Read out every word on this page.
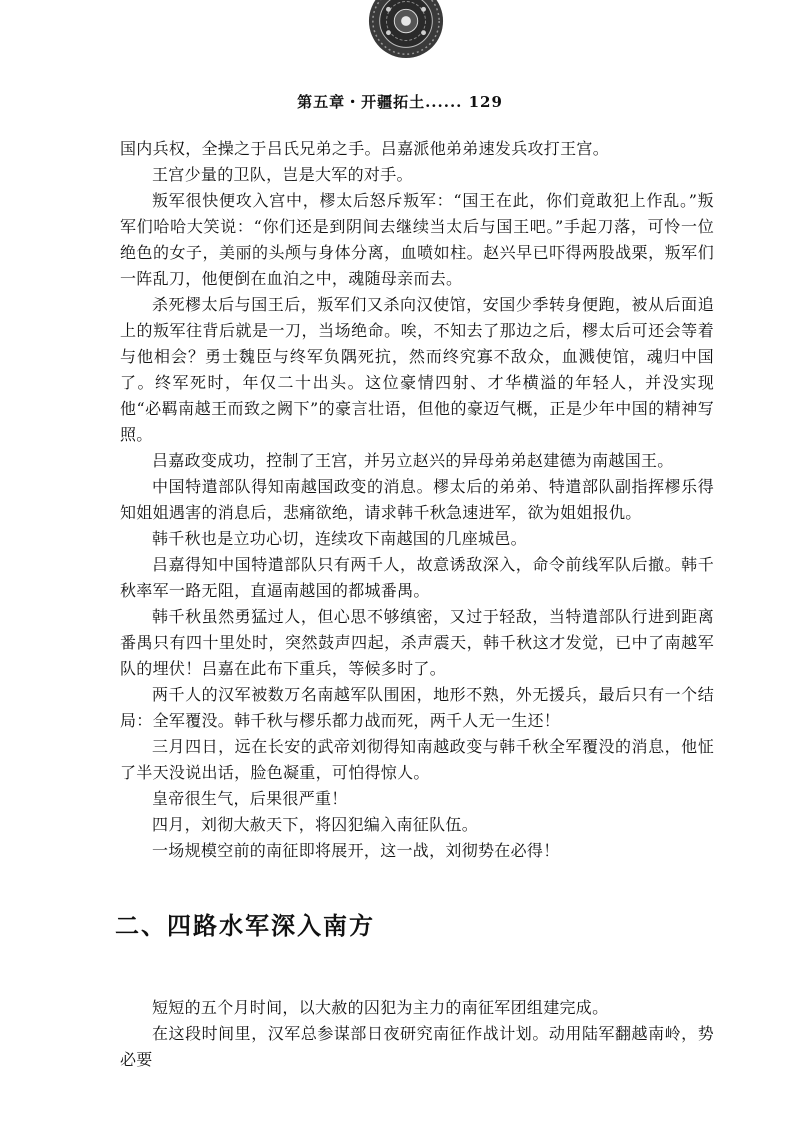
第五章・开疆拓土...... 129

国内兵权，全操之于吕氏兄弟之手。吕嘉派他弟弟速发兵攻打王宫。

王宫少量的卫队，岂是大军的对手。

叛军很快便攻入宫中，樛太后怒斥叛军：“国王在此，你们竟敢犯上作乱。”叛军们哈哈大笑说：“你们还是到阴间去继续当太后与国王吧。”手起刀落，可怜一位绝色的女子，美丽的头颅与身体分离，血喷如柱。赵兴早已吓得两股战栗，叛军们一阵乱刀，他便倒在血泊之中，魂随母亲而去。

杀死樛太后与国王后，叛军们又杀向汉使馆，安国少季转身便跑，被从后面追上的叛军往背后就是一刀，当场绝命。唉，不知去了那边之后，樛太后可还会等着与他相会？勇士魏臣与终军负隅死抗，然而终究寡不敌众，血溅使馆，魂归中国了。终军死时，年仅二十出头。这位豪情四射、才华横溢的年轻人，并没实现他“必羁南越王而致之阙下”的豪言壮语，但他的豪迈气概，正是少年中国的精神写照。

吕嘉政变成功，控制了王宫，并另立赵兴的异母弟弟赵建德为南越国王。

中国特遣部队得知南越国政变的消息。樛太后的弟弟、特遣部队副指挥樛乐得知姐姐遇害的消息后，悲痛欲绝，请求韩千秋急速进军，欲为姐姐报仇。

韩千秋也是立功心切，连续攻下南越国的几座城邑。

吕嘉得知中国特遣部队只有两千人，故意诱敌深入，命令前线军队后撤。韩千秋率军一路无阻，直逼南越国的都城番禺。

韩千秋虽然勇猛过人，但心思不够缜密，又过于轻敌，当特遣部队行进到距离番禺只有四十里处时，突然鼓声四起，杀声震天，韩千秋这才发觉，已中了南越军队的埋伏！吕嘉在此布下重兵，等候多时了。

两千人的汉军被数万名南越军队围困，地形不熟，外无援兵，最后只有一个结局：全军覆没。韩千秋与樛乐都力战而死，两千人无一生还！

三月四日，远在长安的武帝刘彻得知南越政变与韩千秋全军覆没的消息，他怔了半天没说出话，脸色凝重，可怕得惊人。

皇帝很生气，后果很严重！

四月，刘彻大赦天下，将囚犯编入南征队伍。

一场规模空前的南征即将展开，这一战，刘彻势在必得！

二、四路水军深入南方

短短的五个月时间，以大赦的囚犯为主力的南征军团组建完成。

在这段时间里，汉军总参谋部日夜研究南征作战计划。动用陆军翻越南岭，势必要
